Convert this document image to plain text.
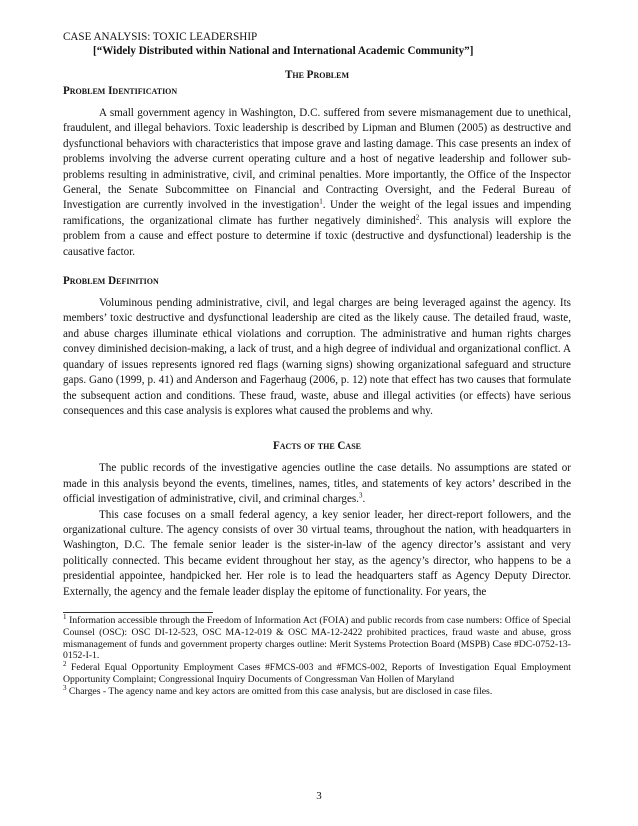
CASE ANALYSIS: TOXIC LEADERSHIP
[“Widely Distributed within National and International Academic Community”]
The Problem
Problem Identification

A small government agency in Washington, D.C. suffered from severe mismanagement due to unethical, fraudulent, and illegal behaviors. Toxic leadership is described by Lipman and Blumen (2005) as destructive and dysfunctional behaviors with characteristics that impose grave and lasting damage. This case presents an index of problems involving the adverse current operating culture and a host of negative leadership and follower sub-problems resulting in administrative, civil, and criminal penalties. More importantly, the Office of the Inspector General, the Senate Subcommittee on Financial and Contracting Oversight, and the Federal Bureau of Investigation are currently involved in the investigation$^1$. Under the weight of the legal issues and impending ramifications, the organizational climate has further negatively diminished$^2$. This analysis will explore the problem from a cause and effect posture to determine if toxic (destructive and dysfunctional) leadership is the causative factor.

Problem Definition

Voluminous pending administrative, civil, and legal charges are being leveraged against the agency. Its members’ toxic destructive and dysfunctional leadership are cited as the likely cause. The detailed fraud, waste, and abuse charges illuminate ethical violations and corruption. The administrative and human rights charges convey diminished decision-making, a lack of trust, and a high degree of individual and organizational conflict. A quandary of issues represents ignored red flags (warning signs) showing organizational safeguard and structure gaps. Gano (1999, p. 41) and Anderson and Fagerhaug (2006, p. 12) note that effect has two causes that formulate the subsequent action and conditions. These fraud, waste, abuse and illegal activities (or effects) have serious consequences and this case analysis is explores what caused the problems and why.

Facts of the Case

The public records of the investigative agencies outline the case details. No assumptions are stated or made in this analysis beyond the events, timelines, names, titles, and statements of key actors’ described in the official investigation of administrative, civil, and criminal charges.$^3$.

This case focuses on a small federal agency, a key senior leader, her direct-report followers, and the organizational culture. The agency consists of over 30 virtual teams, throughout the nation, with headquarters in Washington, D.C. The female senior leader is the sister-in-law of the agency director’s assistant and very politically connected. This became evident throughout her stay, as the agency’s director, who happens to be a presidential appointee, handpicked her. Her role is to lead the headquarters staff as Agency Deputy Director. Externally, the agency and the female leader display the epitome of functionality. For years, the

$^1$ Information accessible through the Freedom of Information Act (FOIA) and public records from case numbers: Office of Special Counsel (OSC): OSC DI-12-523, OSC MA-12-019 & OSC MA-12-2422 prohibited practices, fraud waste and abuse, gross mismanagement of funds and government property charges outline: Merit Systems Protection Board (MSPB) Case #DC-0752-13-0152-I-1.

$^2$ Federal Equal Opportunity Employment Cases #FMCS-003 and #FMCS-002, Reports of Investigation Equal Employment Opportunity Complaint; Congressional Inquiry Documents of Congressman Van Hollen of Maryland

$^3$ Charges - The agency name and key actors are omitted from this case analysis, but are disclosed in case files.

3
